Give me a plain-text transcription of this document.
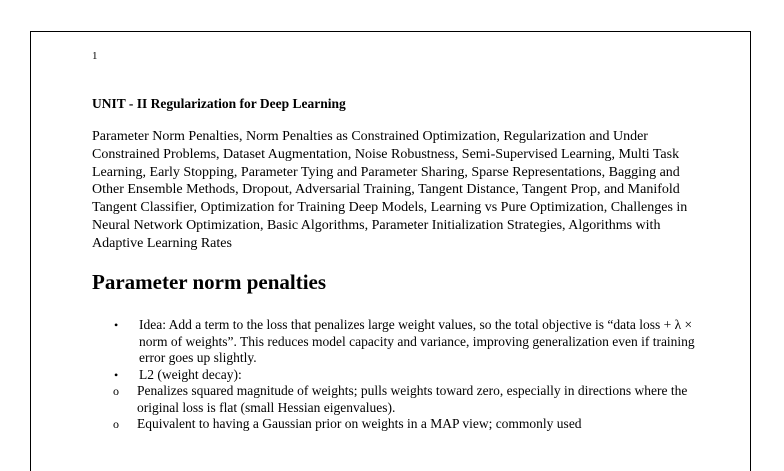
1
UNIT - II Regularization for Deep Learning
Parameter Norm Penalties, Norm Penalties as Constrained Optimization, Regularization and Under Constrained Problems, Dataset Augmentation, Noise Robustness, Semi-Supervised Learning, Multi Task Learning, Early Stopping, Parameter Tying and Parameter Sharing, Sparse Representations, Bagging and Other Ensemble Methods, Dropout, Adversarial Training, Tangent Distance, Tangent Prop, and Manifold Tangent Classifier, Optimization for Training Deep Models, Learning vs Pure Optimization, Challenges in Neural Network Optimization, Basic Algorithms, Parameter Initialization Strategies, Algorithms with Adaptive Learning Rates
Parameter norm penalties
• Idea: Add a term to the loss that penalizes large weight values, so the total objective is “data loss + λ × norm of weights”. This reduces model capacity and variance, improving generalization even if training error goes up slightly.
• L2 (weight decay):
o Penalizes squared magnitude of weights; pulls weights toward zero, especially in directions where the original loss is flat (small Hessian eigenvalues).
o Equivalent to having a Gaussian prior on weights in a MAP view; commonly used
